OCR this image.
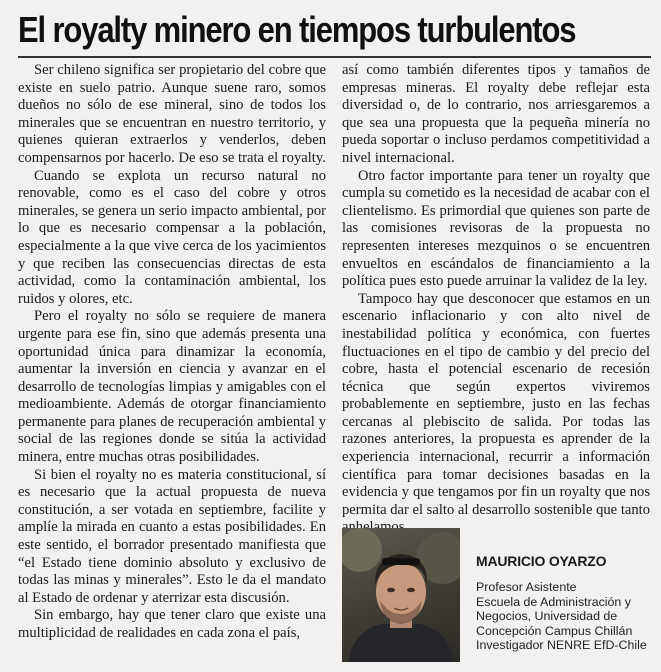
El royalty minero en tiempos turbulentos

Ser chileno significa ser propietario del cobre que existe en suelo patrio. Aunque suene raro, somos dueños no sólo de ese mineral, sino de todos los minerales que se encuentran en nuestro territorio, y quienes quieran extraerlos y venderlos, deben compensarnos por hacerlo. De eso se trata el royalty.

Cuando se explota un recurso natural no renovable, como es el caso del cobre y otros minerales, se genera un serio impacto ambiental, por lo que es necesario compensar a la población, especialmente a la que vive cerca de los yacimientos y que reciben las consecuencias directas de esta actividad, como la contaminación ambiental, los ruidos y olores, etc.

Pero el royalty no sólo se requiere de manera urgente para ese fin, sino que además presenta una oportunidad única para dinamizar la economía, aumentar la inversión en ciencia y avanzar en el desarrollo de tecnologías limpias y amigables con el medioambiente. Además de otorgar financiamiento permanente para planes de recuperación ambiental y social de las regiones donde se sitúa la actividad minera, entre muchas otras posibilidades.

Si bien el royalty no es materia constitucional, sí es necesario que la actual propuesta de nueva constitución, a ser votada en septiembre, facilite y amplíe la mirada en cuanto a estas posibilidades. En este sentido, el borrador presentado manifiesta que “el Estado tiene dominio absoluto y exclusivo de todas las minas y minerales”. Esto le da el mandato al Estado de ordenar y aterrizar esta discusión.

Sin embargo, hay que tener claro que existe una multiplicidad de realidades en cada zona el país,

así como también diferentes tipos y tamaños de empresas mineras. El royalty debe reflejar esta diversidad o, de lo contrario, nos arriesgaremos a que sea una propuesta que la pequeña minería no pueda soportar o incluso perdamos competitividad a nivel internacional.

Otro factor importante para tener un royalty que cumpla su cometido es la necesidad de acabar con el clientelismo. Es primordial que quienes son parte de las comisiones revisoras de la propuesta no representen intereses mezquinos o se encuentren envueltos en escándalos de financiamiento a la política pues esto puede arruinar la validez de la ley.

Tampoco hay que desconocer que estamos en un escenario inflacionario y con alto nivel de inestabilidad política y económica, con fuertes fluctuaciones en el tipo de cambio y del precio del cobre, hasta el potencial escenario de recesión técnica que según expertos viviremos probablemente en septiembre, justo en las fechas cercanas al plebiscito de salida. Por todas las razones anteriores, la propuesta es aprender de la experiencia internacional, recurrir a información científica para tomar decisiones basadas en la evidencia y que tengamos por fin un royalty que nos permita dar el salto al desarrollo sostenible que tanto

MAURICIO OYARZO
Profesor Asistente
Escuela de Administración y
Negocios, Universidad de
Concepción Campus Chillán
Investigador NENRE EfD-Chile
